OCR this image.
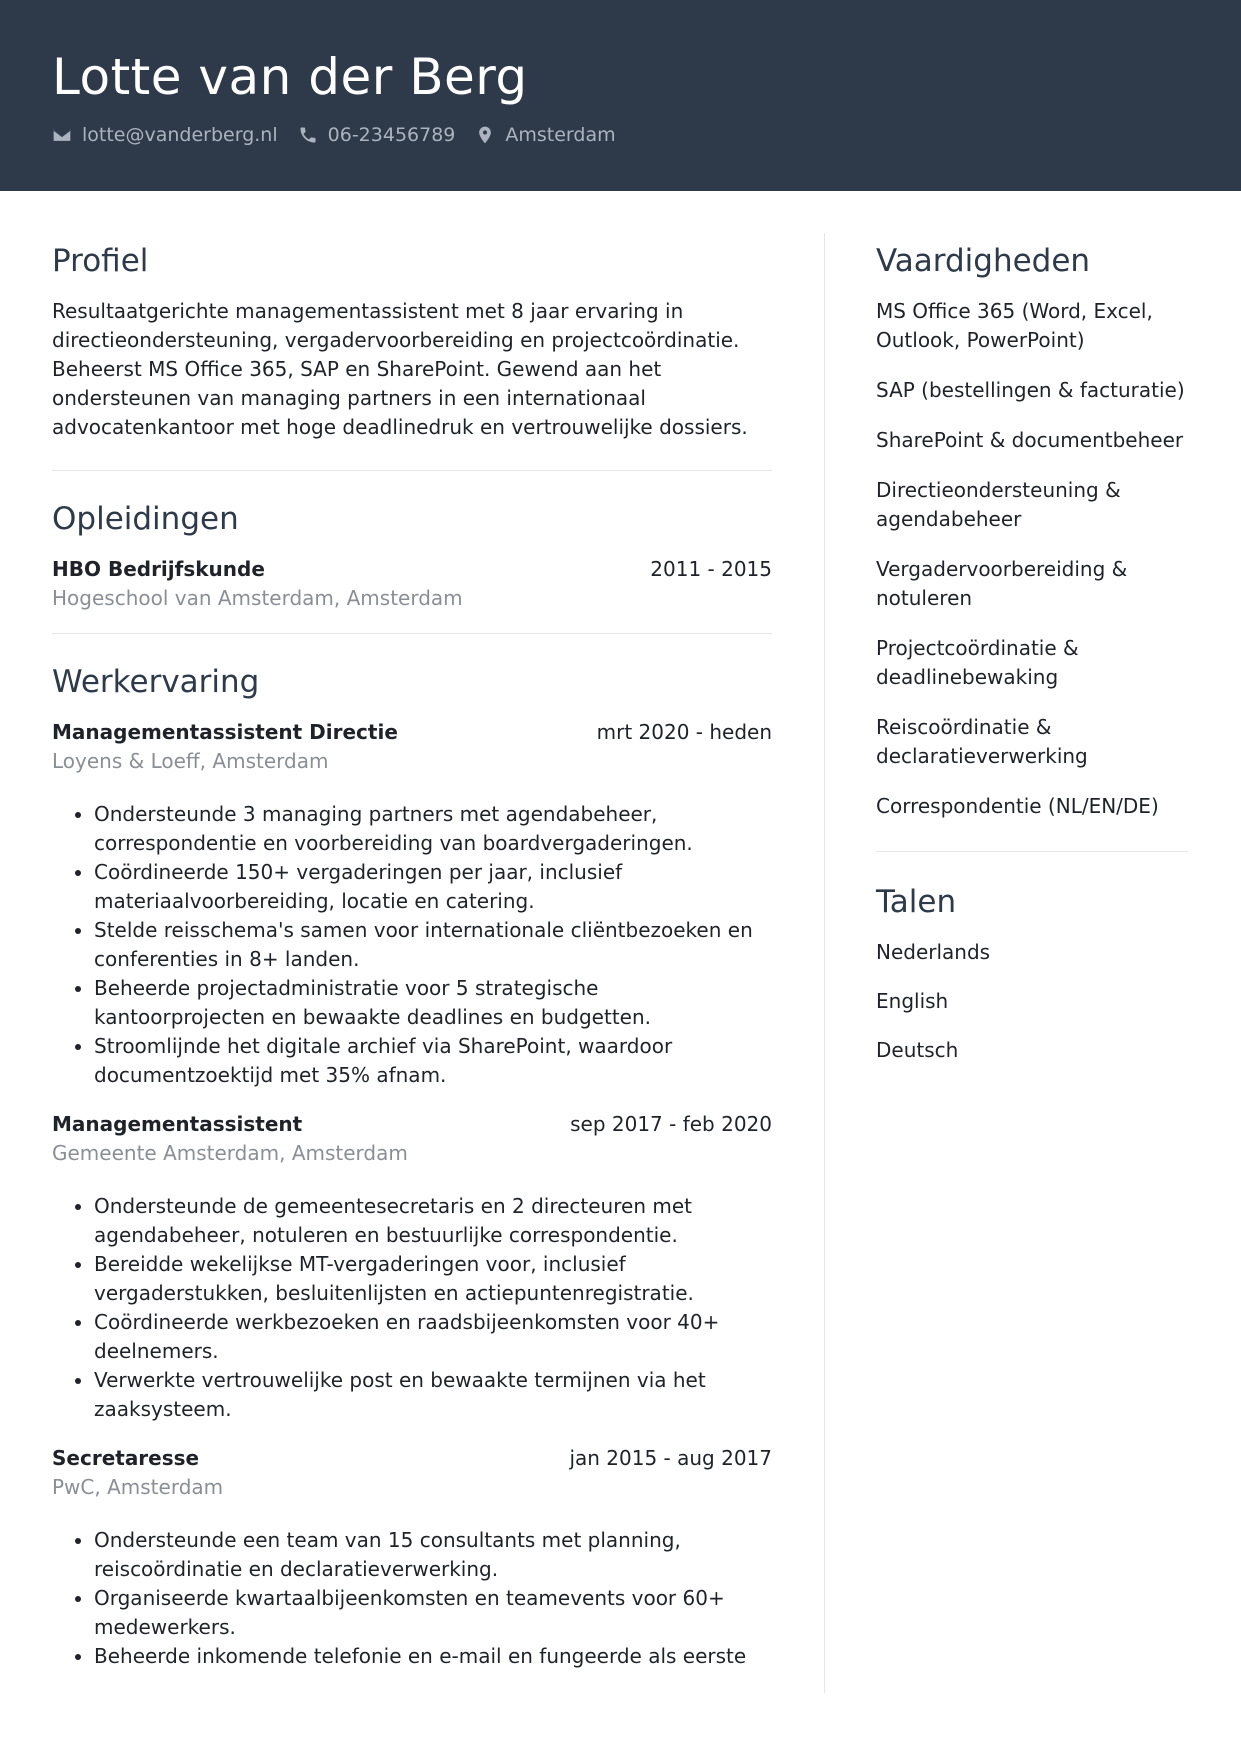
Lotte van der Berg
lotte@vanderberg.nl	06-23456789	Amsterdam
Profiel

Resultaatgerichte managementassistent met 8 jaar ervaring in directieondersteuning, vergadervoorbereiding en projectcoördinatie. Beheerst MS Office 365, SAP en SharePoint. Gewend aan het ondersteunen van managing partners in een internationaal advocatenkantoor met hoge deadlinedruk en vertrouwelijke dossiers.

Opleidingen
HBO Bedrijfskunde	2011 - 2015
Hogeschool van Amsterdam, Amsterdam
Werkervaring
Managementassistent Directie	mrt 2020 - heden
Loyens & Loeff, Amsterdam
• Ondersteunde 3 managing partners met agendabeheer, correspondentie en voorbereiding van boardvergaderingen.
• Coördineerde 150+ vergaderingen per jaar, inclusief materiaalvoorbereiding, locatie en catering.
• Stelde reisschema's samen voor internationale cliëntbezoeken en conferenties in 8+ landen.
• Beheerde projectadministratie voor 5 strategische kantoorprojecten en bewaakte deadlines en budgetten.
• Stroomlijnde het digitale archief via SharePoint, waardoor documentzoektijd met 35% afnam.
Managementassistent	sep 2017 - feb 2020
Gemeente Amsterdam, Amsterdam
• Ondersteunde de gemeentesecretaris en 2 directeuren met agendabeheer, notuleren en bestuurlijke correspondentie.
• Bereidde wekelijkse MT-vergaderingen voor, inclusief vergaderstukken, besluitenlijsten en actiepuntenregistratie.
• Coördineerde werkbezoeken en raadsbijeenkomsten voor 40+ deelnemers.
• Verwerkte vertrouwelijke post en bewaakte termijnen via het zaaksysteem.
Secretaresse	jan 2015 - aug 2017
PwC, Amsterdam
• Ondersteunde een team van 15 consultants met planning, reiscoördinatie en declaratieverwerking.
• Organiseerde kwartaalbijeenkomsten en teamevents voor 60+ medewerkers.
• Beheerde inkomende telefonie en e-mail en fungeerde als eerste
Vaardigheden
MS Office 365 (Word, Excel, Outlook, PowerPoint)
SAP (bestellingen & facturatie)
SharePoint & documentbeheer
Directieondersteuning & agendabeheer
Vergadervoorbereiding & notuleren
Projectcoördinatie & deadlinebewaking
Reiscoördinatie & declaratieverwerking
Correspondentie (NL/EN/DE)
Talen
Nederlands
English
Deutsch
